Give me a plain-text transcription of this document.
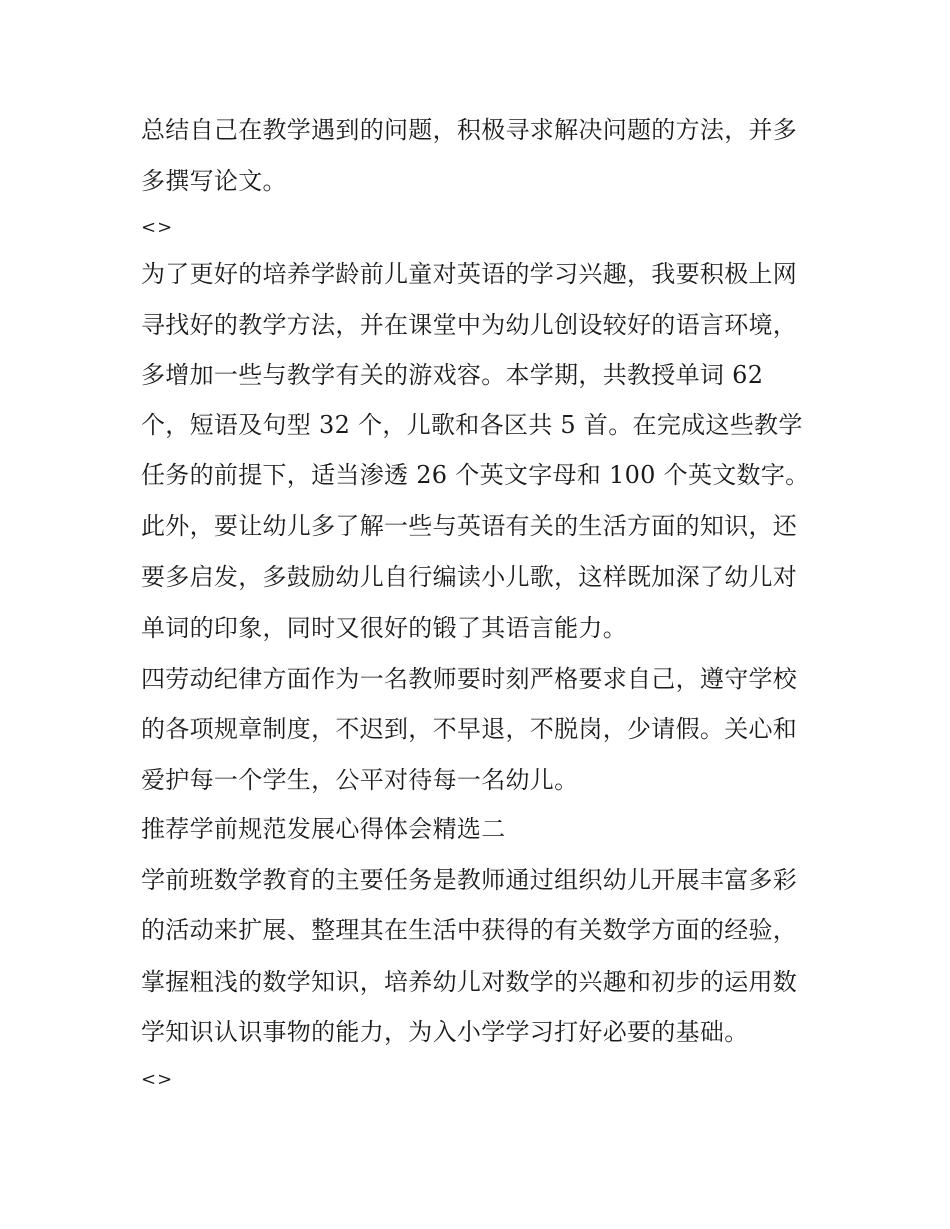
总结自己在教学遇到的问题，积极寻求解决问题的方法，并多
多撰写论文。
<>
为了更好的培养学龄前儿童对英语的学习兴趣，我要积极上网
寻找好的教学方法，并在课堂中为幼儿创设较好的语言环境，
多增加一些与教学有关的游戏容。本学期，共教授单词 62
个，短语及句型 32 个，儿歌和各区共 5 首。在完成这些教学
任务的前提下，适当渗透 26 个英文字母和 100 个英文数字。
此外，要让幼儿多了解一些与英语有关的生活方面的知识，还
要多启发，多鼓励幼儿自行编读小儿歌，这样既加深了幼儿对
单词的印象，同时又很好的锻了其语言能力。
四劳动纪律方面作为一名教师要时刻严格要求自己，遵守学校
的各项规章制度，不迟到，不早退，不脱岗，少请假。关心和
爱护每一个学生，公平对待每一名幼儿。
推荐学前规范发展心得体会精选二
学前班数学教育的主要任务是教师通过组织幼儿开展丰富多彩
的活动来扩展、整理其在生活中获得的有关数学方面的经验，
掌握粗浅的数学知识，培养幼儿对数学的兴趣和初步的运用数
学知识认识事物的能力，为入小学学习打好必要的基础。
<>
